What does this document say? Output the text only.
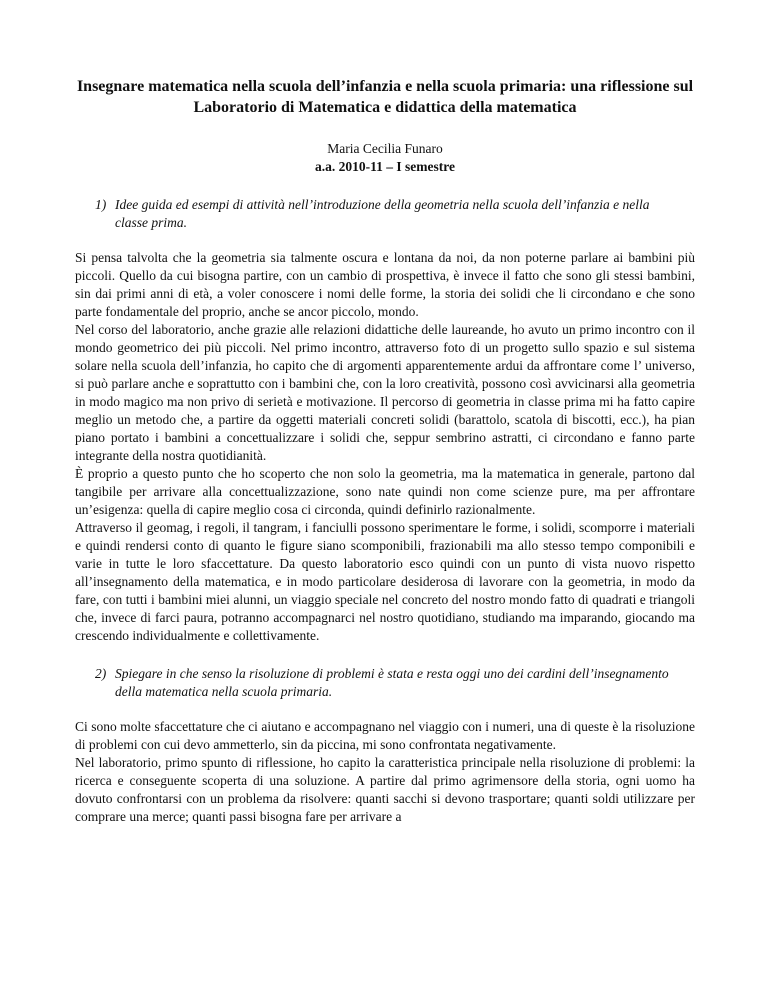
Insegnare matematica nella scuola dell’infanzia e nella scuola primaria: una riflessione sul Laboratorio di Matematica e didattica della matematica

Maria Cecilia Funaro

a.a. 2010-11 – I semestre

1) Idee guida ed esempi di attività nell’introduzione della geometria nella scuola dell’infanzia e nella classe prima.

Si pensa talvolta che la geometria sia talmente oscura e lontana da noi, da non poterne parlare ai bambini più piccoli. Quello da cui bisogna partire, con un cambio di prospettiva, è invece il fatto che sono gli stessi bambini, sin dai primi anni di età, a voler conoscere i nomi delle forme, la storia dei solidi che li circondano e che sono parte fondamentale del proprio, anche se ancor piccolo, mondo.

Nel corso del laboratorio, anche grazie alle relazioni didattiche delle laureande, ho avuto un primo incontro con il mondo geometrico dei più piccoli. Nel primo incontro, attraverso foto di un progetto sullo spazio e sul sistema solare nella scuola dell’infanzia, ho capito che di argomenti apparentemente ardui da affrontare come l’ universo, si può parlare anche e soprattutto con i bambini che, con la loro creatività, possono così avvicinarsi alla geometria in modo magico ma non privo di serietà e motivazione. Il percorso di geometria in classe prima mi ha fatto capire meglio un metodo che, a partire da oggetti materiali concreti solidi (barattolo, scatola di biscotti, ecc.), ha pian piano portato i bambini a concettualizzare i solidi che, seppur sembrino astratti, ci circondano e fanno parte integrante della nostra quotidianità.

È proprio a questo punto che ho scoperto che non solo la geometria, ma la matematica in generale, partono dal tangibile per arrivare alla concettualizzazione, sono nate quindi non come scienze pure, ma per affrontare un’esigenza: quella di capire meglio cosa ci circonda, quindi definirlo razionalmente.

Attraverso il geomag, i regoli, il tangram, i fanciulli possono sperimentare le forme, i solidi, scomporre i materiali e quindi rendersi conto di quanto le figure siano scomponibili, frazionabili ma allo stesso tempo componibili e varie in tutte le loro sfaccettature. Da questo laboratorio esco quindi con un punto di vista nuovo rispetto all’insegnamento della matematica, e in modo particolare desiderosa di lavorare con la geometria, in modo da fare, con tutti i bambini miei alunni, un viaggio speciale nel concreto del nostro mondo fatto di quadrati e triangoli che, invece di farci paura, potranno accompagnarci nel nostro quotidiano, studiando ma imparando, giocando ma crescendo individualmente e collettivamente.

2) Spiegare in che senso la risoluzione di problemi è stata e resta oggi uno dei cardini dell’insegnamento della matematica nella scuola primaria.

Ci sono molte sfaccettature che ci aiutano e accompagnano nel viaggio con i numeri, una di queste è la risoluzione di problemi con cui devo ammetterlo, sin da piccina, mi sono confrontata negativamente.

Nel laboratorio, primo spunto di riflessione, ho capito la caratteristica principale nella risoluzione di problemi: la ricerca e conseguente scoperta di una soluzione. A partire dal primo agrimensore della storia, ogni uomo ha dovuto confrontarsi con un problema da risolvere: quanti sacchi si devono trasportare; quanti soldi utilizzare per comprare una merce; quanti passi bisogna fare per arrivare a
